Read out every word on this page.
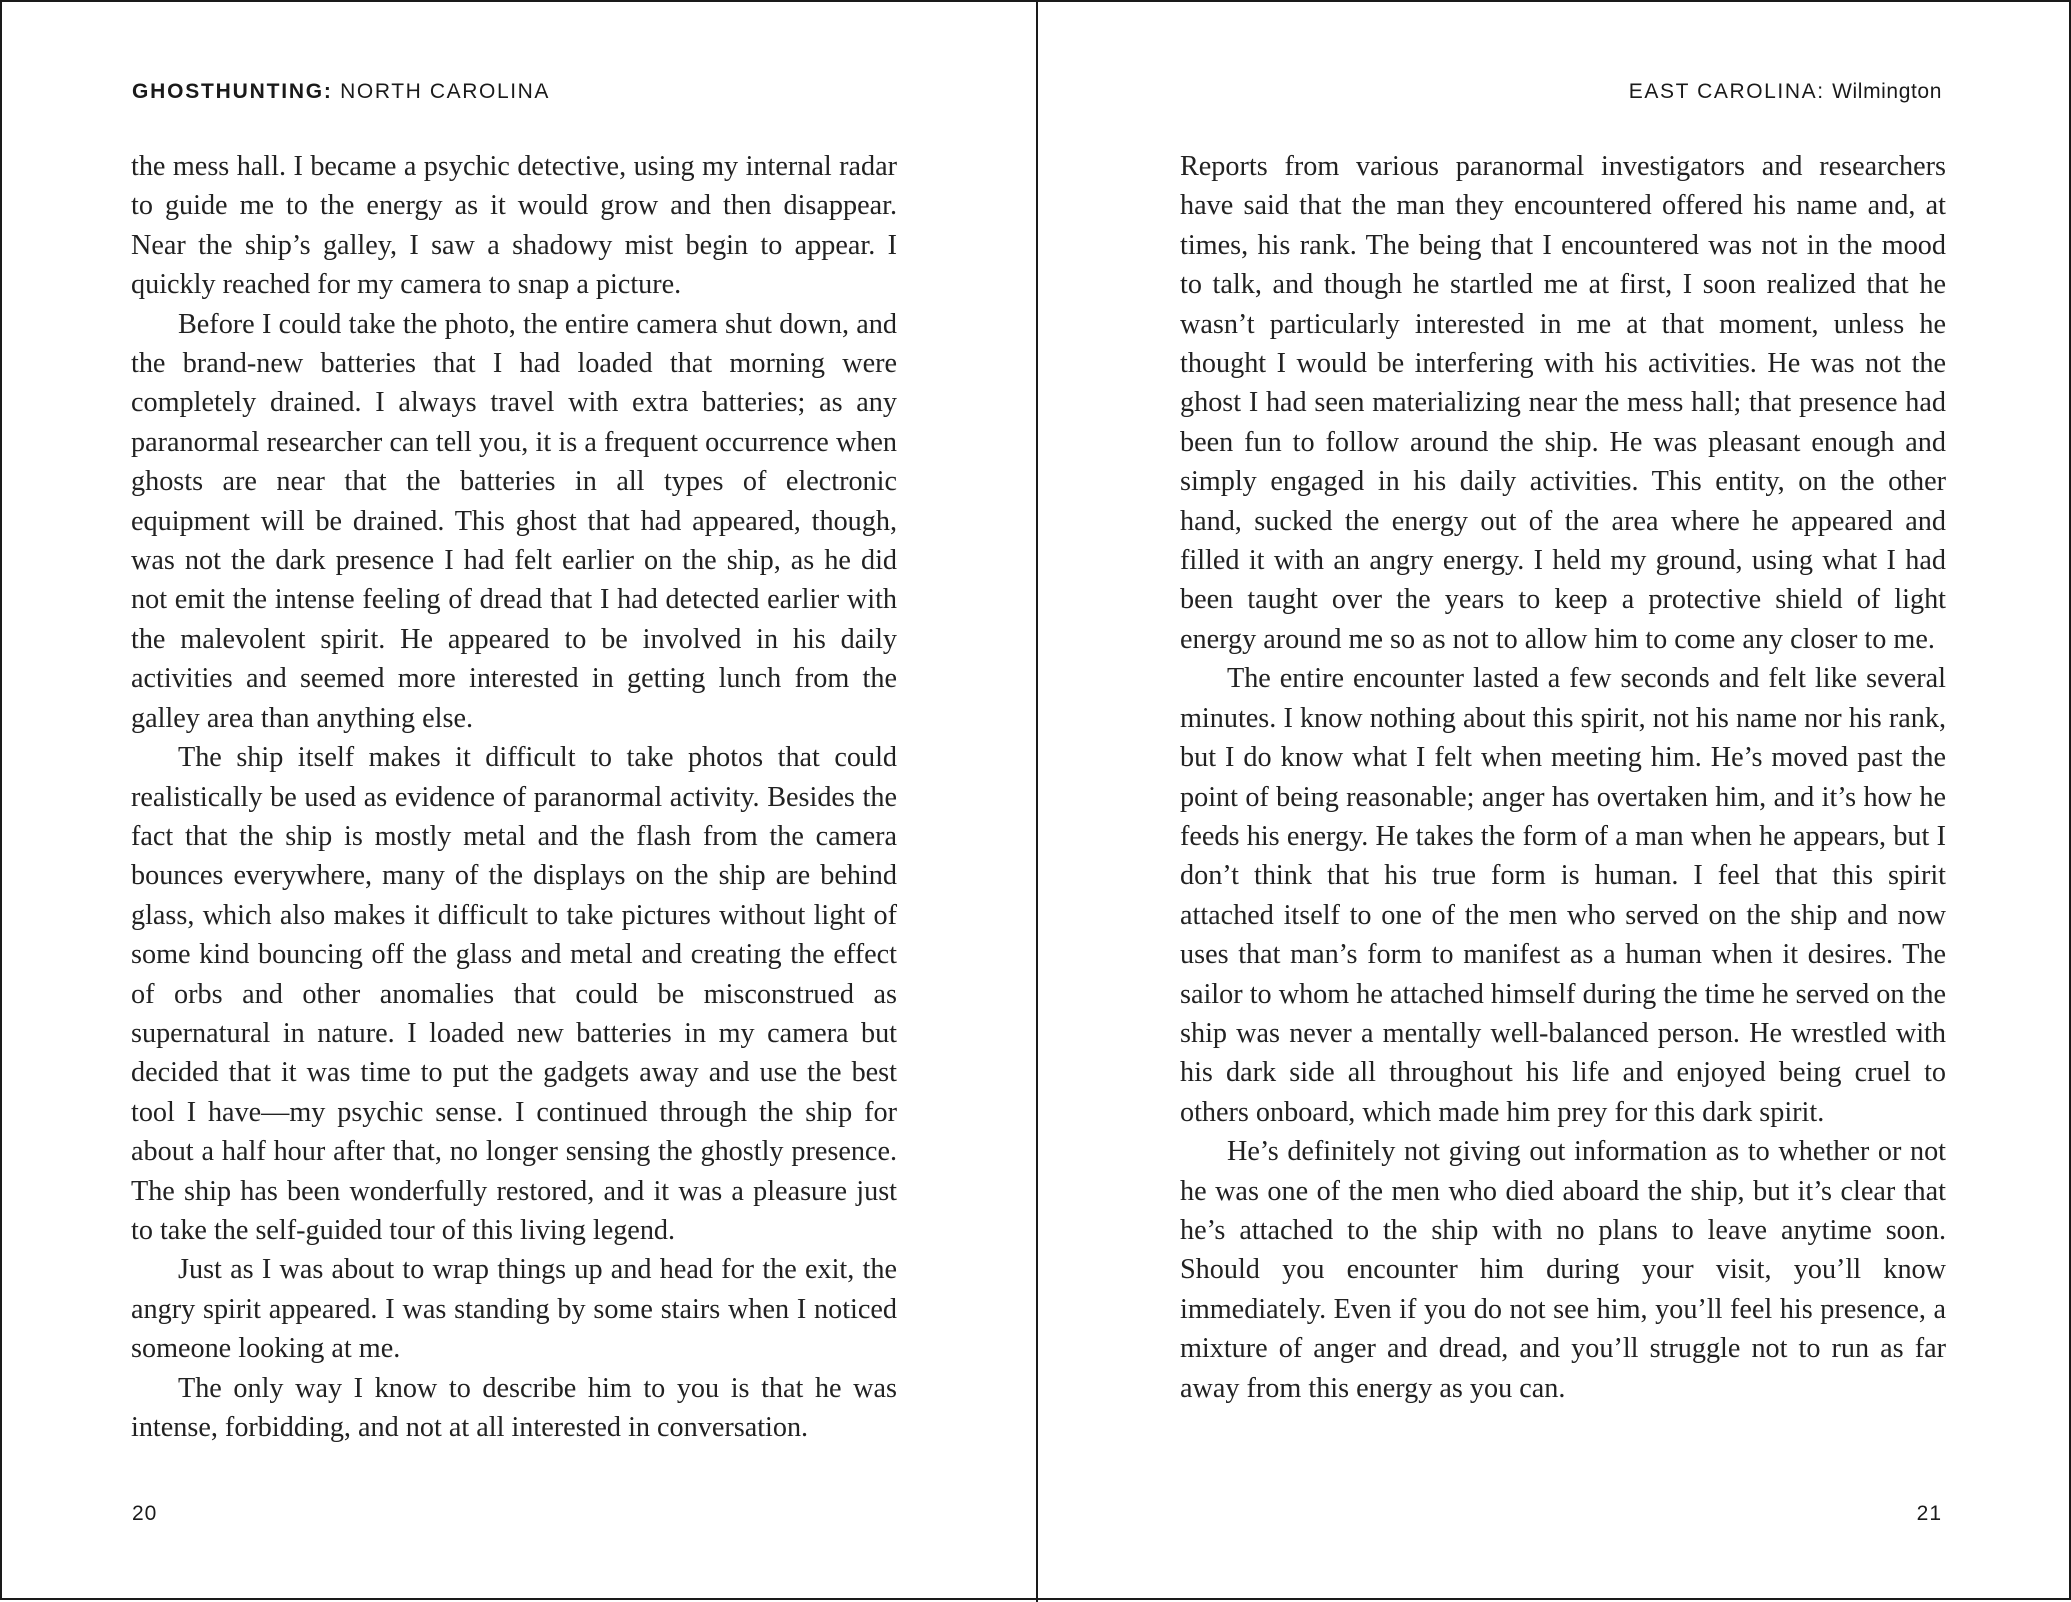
GHOSTHUNTING: NORTH CAROLINA

the mess hall. I became a psychic detective, using my internal radar to guide me to the energy as it would grow and then disappear. Near the ship’s galley, I saw a shadowy mist begin to appear. I quickly reached for my camera to snap a picture.

Before I could take the photo, the entire camera shut down, and the brand-new batteries that I had loaded that morning were completely drained. I always travel with extra batteries; as any paranormal researcher can tell you, it is a frequent occurrence when ghosts are near that the batteries in all types of electronic equipment will be drained. This ghost that had appeared, though, was not the dark presence I had felt earlier on the ship, as he did not emit the intense feeling of dread that I had detected earlier with the malevolent spirit. He appeared to be involved in his daily activities and seemed more interested in getting lunch from the galley area than anything else.

The ship itself makes it difficult to take photos that could realistically be used as evidence of paranormal activity. Besides the fact that the ship is mostly metal and the flash from the camera bounces everywhere, many of the displays on the ship are behind glass, which also makes it difficult to take pictures without light of some kind bouncing off the glass and metal and creating the effect of orbs and other anomalies that could be misconstrued as supernatural in nature. I loaded new batteries in my camera but decided that it was time to put the gadgets away and use the best tool I have—my psychic sense. I continued through the ship for about a half hour after that, no longer sensing the ghostly presence. The ship has been wonderfully restored, and it was a pleasure just to take the self-guided tour of this living legend.

Just as I was about to wrap things up and head for the exit, the angry spirit appeared. I was standing by some stairs when I noticed someone looking at me.

The only way I know to describe him to you is that he was intense, forbidding, and not at all interested in conversation.

20
EAST CAROLINA: Wilmington

Reports from various paranormal investigators and researchers have said that the man they encountered offered his name and, at times, his rank. The being that I encountered was not in the mood to talk, and though he startled me at first, I soon realized that he wasn’t particularly interested in me at that moment, unless he thought I would be interfering with his activities. He was not the ghost I had seen materializing near the mess hall; that presence had been fun to follow around the ship. He was pleasant enough and simply engaged in his daily activities. This entity, on the other hand, sucked the energy out of the area where he appeared and filled it with an angry energy. I held my ground, using what I had been taught over the years to keep a protective shield of light energy around me so as not to allow him to come any closer to me.

The entire encounter lasted a few seconds and felt like several minutes. I know nothing about this spirit, not his name nor his rank, but I do know what I felt when meeting him. He’s moved past the point of being reasonable; anger has overtaken him, and it’s how he feeds his energy. He takes the form of a man when he appears, but I don’t think that his true form is human. I feel that this spirit attached itself to one of the men who served on the ship and now uses that man’s form to manifest as a human when it desires. The sailor to whom he attached himself during the time he served on the ship was never a mentally well-balanced person. He wrestled with his dark side all throughout his life and enjoyed being cruel to others onboard, which made him prey for this dark spirit.

He’s definitely not giving out information as to whether or not he was one of the men who died aboard the ship, but it’s clear that he’s attached to the ship with no plans to leave anytime soon. Should you encounter him during your visit, you’ll know immediately. Even if you do not see him, you’ll feel his presence, a mixture of anger and dread, and you’ll struggle not to run as far away from this energy as you can.

21
